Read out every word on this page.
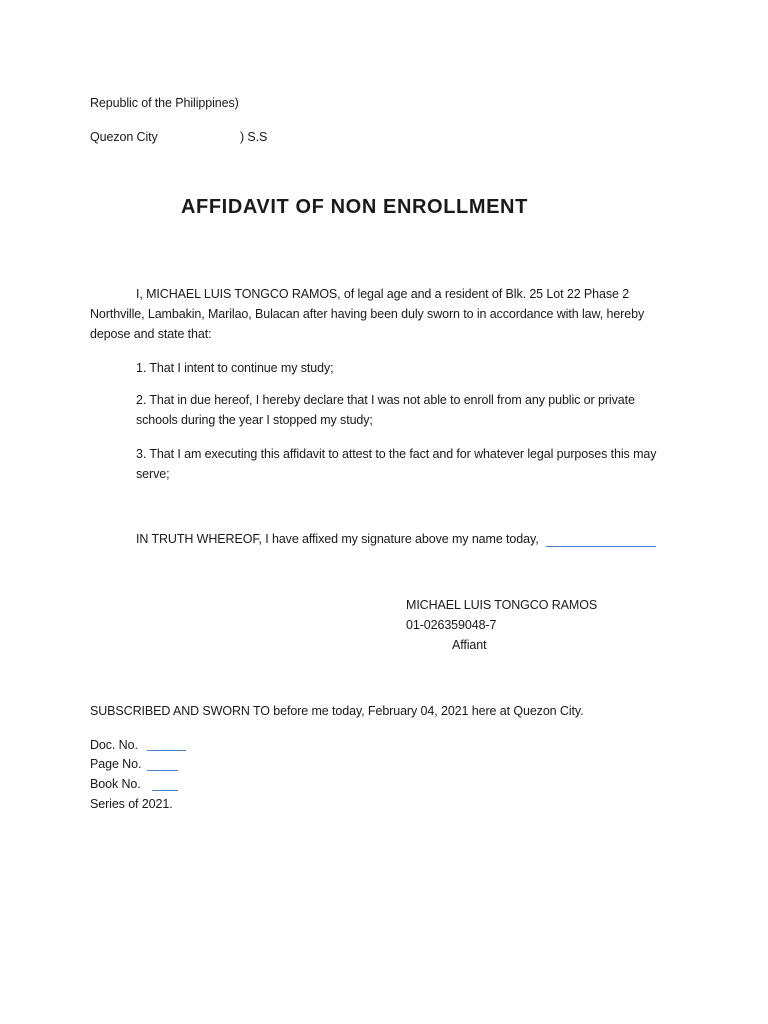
Republic of the Philippines)
Quezon City	) S.S
AFFIDAVIT OF NON ENROLLMENT
I, MICHAEL LUIS TONGCO RAMOS, of legal age and a resident of Blk. 25 Lot 22 Phase 2
Northville, Lambakin, Marilao, Bulacan after having been duly sworn to in accordance with law, hereby
depose and state that:
1. That I intent to continue my study;
2. That in due hereof, I hereby declare that I was not able to enroll from any public or private
schools during the year I stopped my study;
3. That I am executing this affidavit to attest to the fact and for whatever legal purposes this may
serve;
IN TRUTH WHEREOF, I have affixed my signature above my name today,
MICHAEL LUIS TONGCO RAMOS
01-026359048-7
Affiant
SUBSCRIBED AND SWORN TO before me today, February 04, 2021 here at Quezon City.
Doc. No.
Page No.
Book No.
Series of 2021.
